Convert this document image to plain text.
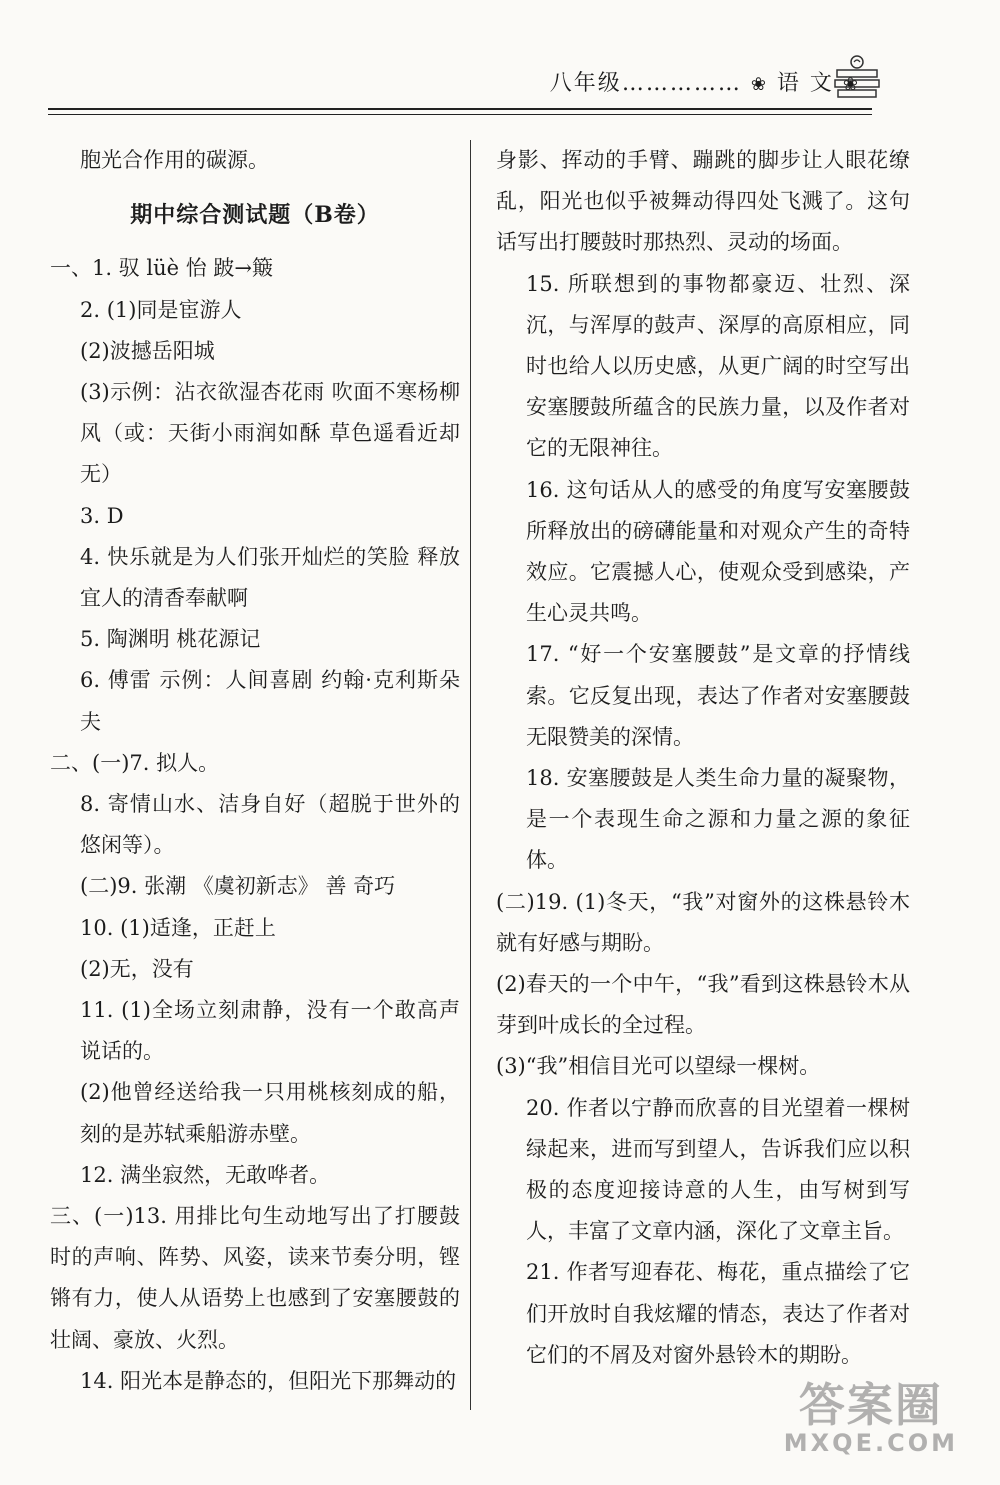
八年级…………… ❀ 语 文 ❀

胞光合作用的碳源。

期中综合测试题（B卷）

一、1. 驭 lüè 怡 跛→簸

2. (1)同是宦游人

(2)波撼岳阳城

(3)示例：沾衣欲湿杏花雨 吹面不寒杨柳风（或：天街小雨润如酥 草色遥看近却无）

3. D

4. 快乐就是为人们张开灿烂的笑脸 释放宜人的清香奉献啊

5. 陶渊明 桃花源记

6. 傅雷 示例：人间喜剧 约翰·克利斯朵夫

二、(一)7. 拟人。

8. 寄情山水、洁身自好（超脱于世外的悠闲等）。

(二)9. 张潮 《虞初新志》 善 奇巧

10. (1)适逢，正赶上

(2)无，没有

11. (1)全场立刻肃静，没有一个敢高声说话的。

(2)他曾经送给我一只用桃核刻成的船，刻的是苏轼乘船游赤壁。

12. 满坐寂然，无敢哗者。

三、(一)13. 用排比句生动地写出了打腰鼓时的声响、阵势、风姿，读来节奏分明，铿锵有力，使人从语势上也感到了安塞腰鼓的壮阔、豪放、火烈。

14. 阳光本是静态的，但阳光下那舞动的

身影、挥动的手臂、蹦跳的脚步让人眼花缭乱，阳光也似乎被舞动得四处飞溅了。这句话写出打腰鼓时那热烈、灵动的场面。

15. 所联想到的事物都豪迈、壮烈、深沉，与浑厚的鼓声、深厚的高原相应，同时也给人以历史感，从更广阔的时空写出安塞腰鼓所蕴含的民族力量，以及作者对它的无限神往。

16. 这句话从人的感受的角度写安塞腰鼓所释放出的磅礴能量和对观众产生的奇特效应。它震撼人心，使观众受到感染，产生心灵共鸣。

17. “好一个安塞腰鼓”是文章的抒情线索。它反复出现，表达了作者对安塞腰鼓无限赞美的深情。

18. 安塞腰鼓是人类生命力量的凝聚物，是一个表现生命之源和力量之源的象征体。

(二)19. (1)冬天，“我”对窗外的这株悬铃木就有好感与期盼。

(2)春天的一个中午，“我”看到这株悬铃木从芽到叶成长的全过程。

(3)“我”相信目光可以望绿一棵树。

20. 作者以宁静而欣喜的目光望着一棵树绿起来，进而写到望人，告诉我们应以积极的态度迎接诗意的人生，由写树到写人，丰富了文章内涵，深化了文章主旨。

21. 作者写迎春花、梅花，重点描绘了它们开放时自我炫耀的情态，表达了作者对它们的不屑及对窗外悬铃木的期盼。

答案圈
MXQE.COM
